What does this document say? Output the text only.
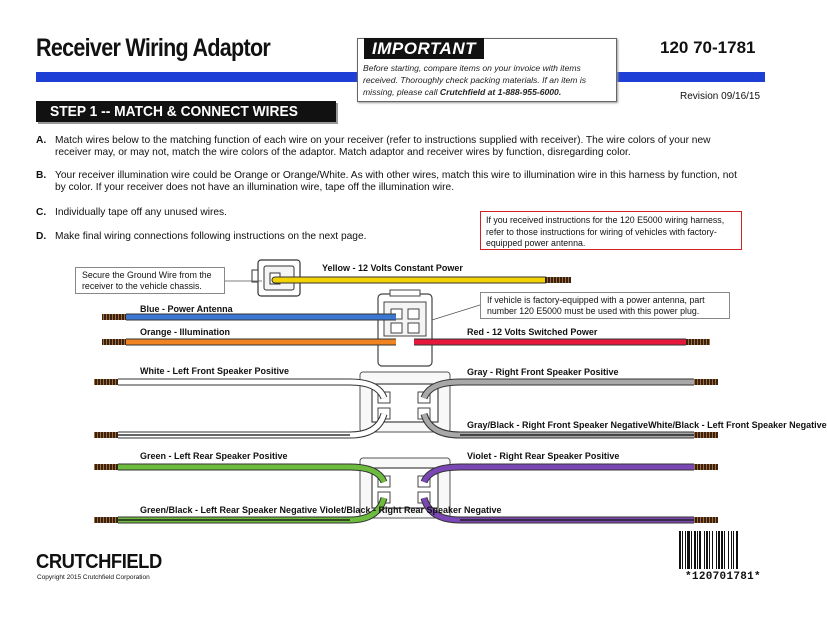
Receiver Wiring Adaptor	120 70-1781
IMPORTANT
Before starting, compare items on your invoice with items received. Thoroughly check packing materials. If an item is missing, please call Crutchfield at 1-888-955-6000.	Revision 09/16/15
STEP 1 -- MATCH & CONNECT WIRES
A. Match wires below to the matching function of each wire on your receiver (refer to instructions supplied with receiver). The wire colors of your new receiver may, or may not, match the wire colors of the adaptor. Match adaptor and receiver wires by function, disregarding color.
B. Your receiver illumination wire could be Orange or Orange/White. As with other wires, match this wire to illumination wire in this harness by function, not by color. If your receiver does not have an illumination wire, tape off the illumination wire.
C. Individually tape off any unused wires.
D. Make final wiring connections following instructions on the next page.
If you received instructions for the 120 E5000 wiring harness, refer to those instructions for wiring of vehicles with factory-equipped power antenna.
Secure the Ground Wire from the receiver to the vehicle chassis.
If vehicle is factory-equipped with a power antenna, part number 120 E5000 must be used with this power plug.
Yellow - 12 Volts Constant Power
Blue - Power Antenna
Orange - Illumination	Red - 12 Volts Switched Power
White - Left Front Speaker Positive	Gray - Right Front Speaker Positive
Gray/Black - Right Front Speaker NegativeWhite/Black - Left Front Speaker Negative
Green - Left Rear Speaker Positive	Violet - Right Rear Speaker Positive
Green/Black - Left Rear Speaker Negative Violet/Black - Right Rear Speaker Negative
CRUTCHFIELD
Copyright 2015 Crutchfield Corporation	*120701781*
